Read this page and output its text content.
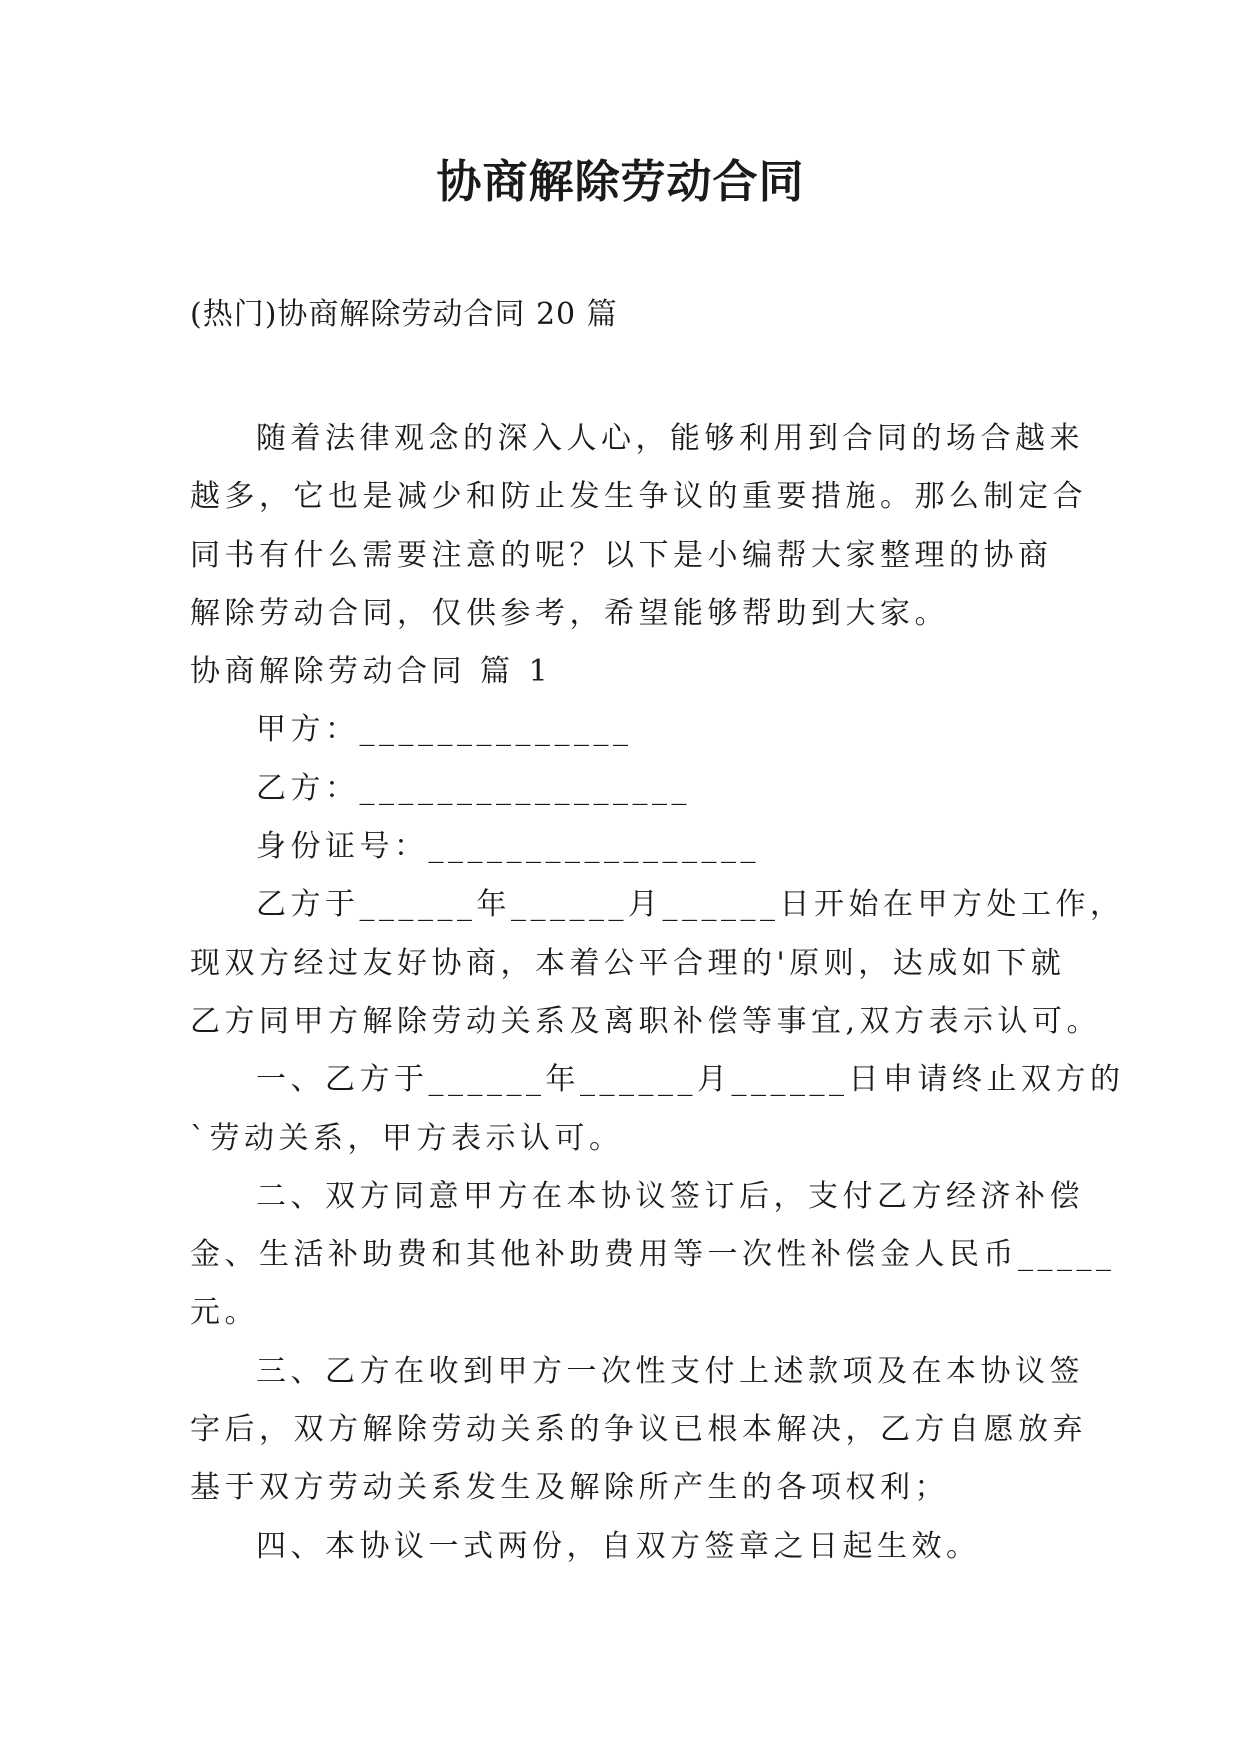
协商解除劳动合同
(热门)协商解除劳动合同 20 篇
随着法律观念的深入人心，能够利用到合同的场合越来
越多，它也是减少和防止发生争议的重要措施。那么制定合
同书有什么需要注意的呢？以下是小编帮大家整理的协商
解除劳动合同，仅供参考，希望能够帮助到大家。
协商解除劳动合同 篇 1
甲方：______________
乙方：_________________
身份证号：_________________
乙方于______年______月______日开始在甲方处工作，
现双方经过友好协商，本着公平合理的'原则，达成如下就
乙方同甲方解除劳动关系及离职补偿等事宜,双方表示认可。
一、乙方于______年______月______日申请终止双方的
`劳动关系，甲方表示认可。
二、双方同意甲方在本协议签订后，支付乙方经济补偿
金、生活补助费和其他补助费用等一次性补偿金人民币_____
元。
三、乙方在收到甲方一次性支付上述款项及在本协议签
字后，双方解除劳动关系的争议已根本解决，乙方自愿放弃
基于双方劳动关系发生及解除所产生的各项权利；
四、本协议一式两份，自双方签章之日起生效。
